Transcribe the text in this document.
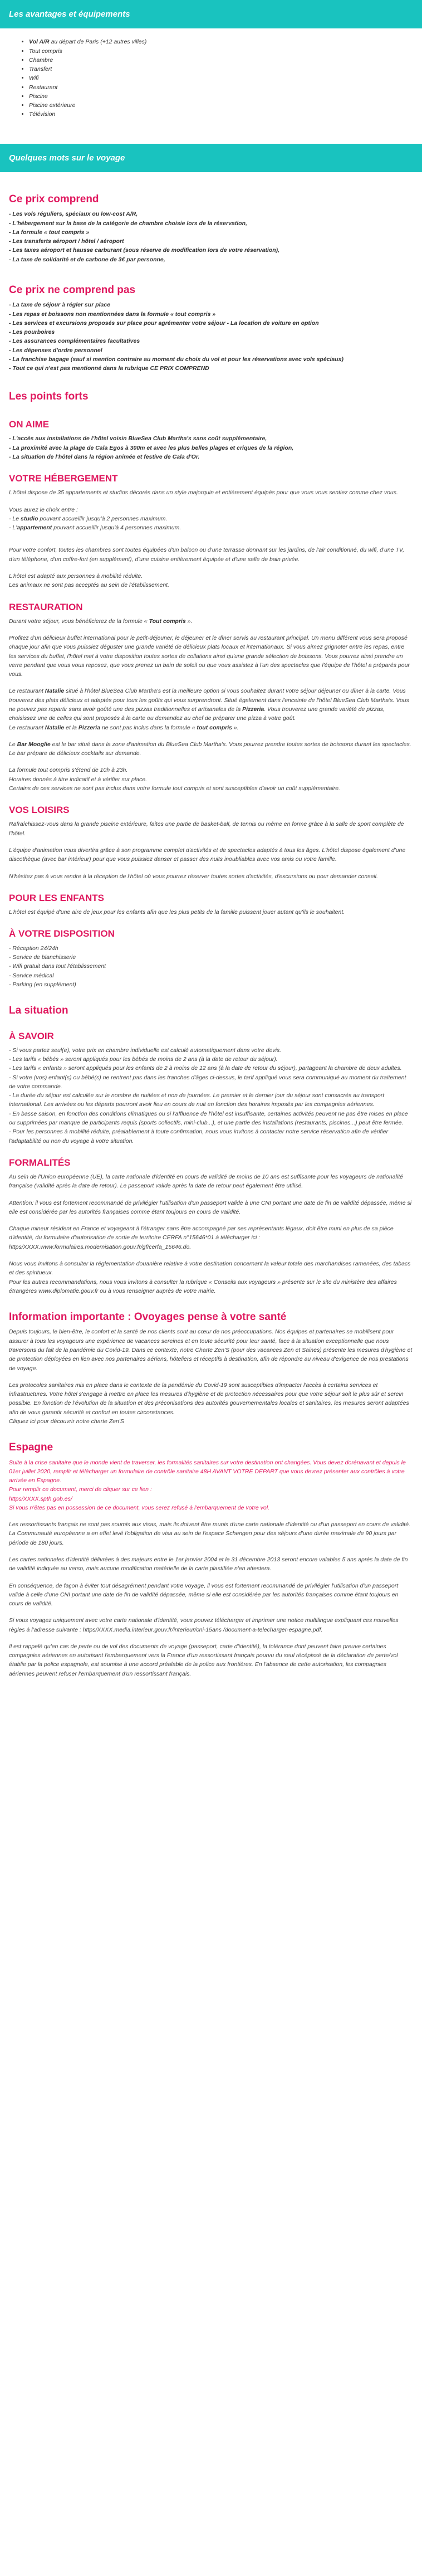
Les avantages et équipements
• Vol A/R au départ de Paris (+12 autres villes)
• Tout compris
• Chambre
• Transfert
• Wifi
• Restaurant
• Piscine
• Piscine extérieure
• Télévision
Quelques mots sur le voyage
Ce prix comprend
- Les vols réguliers, spéciaux ou low-cost A/R,
- L'hébergement sur la base de la catégorie de chambre choisie lors de la réservation,
- La formule « tout compris »
- Les transferts aéroport / hôtel / aéroport
- Les taxes aéroport et hausse carburant (sous réserve de modification lors de votre réservation),
- La taxe de solidarité et de carbone de 3€ par personne,
Ce prix ne comprend pas
- La taxe de séjour à régler sur place
- Les repas et boissons non mentionnées dans la formule « tout compris »
- Les services et excursions proposés sur place pour agrémenter votre séjour - La location de voiture en option
- Les pourboires
- Les assurances complémentaires facultatives
- Les dépenses d'ordre personnel
- La franchise bagage (sauf si mention contraire au moment du choix du vol et pour les réservations avec vols spéciaux)
- Tout ce qui n'est pas mentionné dans la rubrique CE PRIX COMPREND
Les points forts
ON AIME
- L'accès aux installations de l'hôtel voisin BlueSea Club Martha's sans coût supplémentaire,
- La proximité avec la plage de Cala Egos à 300m et avec les plus belles plages et criques de la région,
- La situation de l'hôtel dans la région animée et festive de Cala d'Or.
VOTRE HÉBERGEMENT

L'hôtel dispose de 35 appartements et studios décorés dans un style majorquin et entièrement équipés pour que vous vous sentiez comme chez vous.

Vous aurez le choix entre :

- Le studio pouvant accueillir jusqu'à 2 personnes maximum.
- L'appartement pouvant accueillir jusqu'à 4 personnes maximum.

Pour votre confort, toutes les chambres sont toutes équipées d'un balcon ou d'une terrasse donnant sur les jardins, de l'air conditionné, du wifi, d'une TV, d'un téléphone, d'un coffre-fort (en supplément), d'une cuisine entièrement équipée et d'une salle de bain privée.

L'hôtel est adapté aux personnes à mobilité réduite.
Les animaux ne sont pas acceptés au sein de l'établissement.
RESTAURATION

Durant votre séjour, vous bénéficierez de la formule « Tout compris ».

Profitez d'un délicieux buffet international pour le petit-déjeuner, le déjeuner et le dîner servis au restaurant principal. Un menu différent vous sera proposé chaque jour afin que vous puissiez déguster une grande variété de délicieux plats locaux et internationaux. Si vous aimez grignoter entre les repas, entre les services du buffet, l'hôtel met à votre disposition toutes sortes de collations ainsi qu'une grande sélection de boissons. Vous pourrez ainsi prendre un verre pendant que vous vous reposez, que vous prenez un bain de soleil ou que vous assistez à l'un des spectacles que l'équipe de l'hôtel a préparés pour vous.

Le restaurant Natalie situé à l'hôtel BlueSea Club Martha's est la meilleure option si vous souhaitez durant votre séjour déjeuner ou dîner à la carte. Vous trouverez des plats délicieux et adaptés pour tous les goûts qui vous surprendront. Situé également dans l'enceinte de l'hôtel BlueSea Club Martha's. Vous ne pouvez pas repartir sans avoir goûté une des pizzas traditionnelles et artisanales de la Pizzeria. Vous trouverez une grande variété de pizzas, choisissez une de celles qui sont proposés à la carte ou demandez au chef de préparer une pizza à votre goût.

Le restaurant Natalie et la Pizzeria ne sont pas inclus dans la formule « tout compris ».

Le Bar Mooglie est le bar situé dans la zone d'animation du BlueSea Club Martha's. Vous pourrez prendre toutes sortes de boissons durant les spectacles. Le bar prépare de délicieux cocktails sur demande.

La formule tout compris s'étend de 10h à 23h.
Horaires donnés à titre indicatif et à vérifier sur place.
Certains de ces services ne sont pas inclus dans votre formule tout compris et sont susceptibles d'avoir un coût supplémentaire.
VOS LOISIRS

Rafraîchissez-vous dans la grande piscine extérieure, faites une partie de basket-ball, de tennis ou même en forme grâce à la salle de sport complète de l'hôtel.

L'équipe d'animation vous divertira grâce à son programme complet d'activités et de spectacles adaptés à tous les âges. L'hôtel dispose également d'une discothèque (avec bar intérieur) pour que vous puissiez danser et passer des nuits inoubliables avec vos amis ou votre famille.

N'hésitez pas à vous rendre à la réception de l'hôtel où vous pourrez réserver toutes sortes d'activités, d'excursions ou pour demander conseil.

POUR LES ENFANTS

L'hôtel est équipé d'une aire de jeux pour les enfants afin que les plus petits de la famille puissent jouer autant qu'ils le souhaitent.

À VOTRE DISPOSITION
- Réception 24/24h
- Service de blanchisserie
- Wifi gratuit dans tout l'établissement
- Service médical
- Parking (en supplément)
La situation
À SAVOIR
- Si vous partez seul(e), votre prix en chambre individuelle est calculé automatiquement dans votre devis.
- Les tarifs « bébés » seront appliqués pour les bébés de moins de 2 ans (à la date de retour du séjour).
- Les tarifs « enfants » seront appliqués pour les enfants de 2 à moins de 12 ans (à la date de retour du séjour), partageant la chambre de deux adultes.
- Si votre (vos) enfant(s) ou bébé(s) ne rentrent pas dans les tranches d'âges ci-dessus, le tarif appliqué vous sera communiqué au moment du traitement de votre commande.
- La durée du séjour est calculée sur le nombre de nuitées et non de journées. Le premier et le dernier jour du séjour sont consacrés au transport international. Les arrivées ou les départs pourront avoir lieu en cours de nuit en fonction des horaires imposés par les compagnies aériennes.
- En basse saison, en fonction des conditions climatiques ou si l'affluence de l'hôtel est insuffisante, certaines activités peuvent ne pas être mises en place ou supprimées par manque de participants requis (sports collectifs, mini-club...), et une partie des installations (restaurants, piscines...) peut être fermée.
- Pour les personnes à mobilité réduite, préalablement à toute confirmation, nous vous invitons à contacter notre service réservation afin de vérifier l'adaptabilité ou non du voyage à votre situation.
FORMALITÉS

Au sein de l'Union européenne (UE), la carte nationale d'identité en cours de validité de moins de 10 ans est suffisante pour les voyageurs de nationalité française (validité après la date de retour). Le passeport valide après la date de retour peut également être utilisé.

Attention: il vous est fortement recommandé de privilégier l'utilisation d'un passeport valide à une CNI portant une date de fin de validité dépassée, même si elle est considérée par les autorités françaises comme étant toujours en cours de validité.

Chaque mineur résident en France et voyageant à l'étranger sans être accompagné par ses représentants légaux, doit être muni en plus de sa pièce d'identité, du formulaire d'autorisation de sortie de territoire CERFA n°15646*01 à télécharger ici : https/XXXX.www.formulaires.modernisation.gouv.fr/gf/cerfa_15646.do.

Nous vous invitons à consulter la réglementation douanière relative à votre destination concernant la valeur totale des marchandises ramenées, des tabacs et des spiritueux.

Pour les autres recommandations, nous vous invitons à consulter la rubrique « Conseils aux voyageurs » présente sur le site du ministère des affaires étrangères www.diplomatie.gouv.fr ou à vous renseigner auprès de votre mairie.

Information importante : Ovoyages pense à votre santé

Depuis toujours, le bien-être, le confort et la santé de nos clients sont au cœur de nos préoccupations. Nos équipes et partenaires se mobilisent pour assurer à tous les voyageurs une expérience de vacances sereines et en toute sécurité pour leur santé, face à la situation exceptionnelle que nous traversons du fait de la pandémie du Covid-19. Dans ce contexte, notre Charte Zen'S (pour des vacances Zen et Saines) présente les mesures d'hygiène et de protection déployées en lien avec nos partenaires aériens, hôteliers et réceptifs à destination, afin de répondre au niveau d'exigence de nos prestations de voyage.

Les protocoles sanitaires mis en place dans le contexte de la pandémie du Covid-19 sont susceptibles d'impacter l'accès à certains services et infrastructures. Votre hôtel s'engage à mettre en place les mesures d'hygiène et de protection nécessaires pour que votre séjour soit le plus sûr et serein possible. En fonction de l'évolution de la situation et des préconisations des autorités gouvernementales locales et sanitaires, les mesures seront adaptées afin de vous garantir sécurité et confort en toutes circonstances.

Cliquez ici pour découvrir notre charte Zen'S

Espagne

Suite à la crise sanitaire que le monde vient de traverser, les formalités sanitaires sur votre destination ont changées. Vous devez dorénavant et depuis le 01er juillet 2020, remplir et télécharger un formulaire de contrôle sanitaire 48H AVANT VOTRE DEPART que vous devrez présenter aux contrôles à votre arrivée en Espagne.

Pour remplir ce document, merci de cliquer sur ce lien :
https/XXXX.spth.gob.es/
Si vous n'êtes pas en possession de ce document, vous serez refusé à l'embarquement de votre vol.

Les ressortissants français ne sont pas soumis aux visas, mais ils doivent être munis d'une carte nationale d'identité ou d'un passeport en cours de validité. La Communauté européenne a en effet levé l'obligation de visa au sein de l'espace Schengen pour des séjours d'une durée maximale de 90 jours par période de 180 jours.

Les cartes nationales d'identité délivrées à des majeurs entre le 1er janvier 2004 et le 31 décembre 2013 seront encore valables 5 ans après la date de fin de validité indiquée au verso, mais aucune modification matérielle de la carte plastifiée n'en attestera.

En conséquence, de façon à éviter tout désagrément pendant votre voyage, il vous est fortement recommandé de privilégier l'utilisation d'un passeport valide à celle d'une CNI portant une date de fin de validité dépassée, même si elle est considérée par les autorités françaises comme étant toujours en cours de validité.

Si vous voyagez uniquement avec votre carte nationale d'identité, vous pouvez télécharger et imprimer une notice multilingue expliquant ces nouvelles règles à l'adresse suivante : https/XXXX.media.interieur.gouv.fr/interieur/cni-15ans /document-a-telecharger-espagne.pdf.

Il est rappelé qu'en cas de perte ou de vol des documents de voyage (passeport, carte d'identité), la tolérance dont peuvent faire preuve certaines compagnies aériennes en autorisant l'embarquement vers la France d'un ressortissant français pourvu du seul récépissé de la déclaration de perte/vol établie par la police espagnole, est soumise à une accord préalable de la police aux frontières. En l'absence de cette autorisation, les compagnies aériennes peuvent refuser l'embarquement d'un ressortissant français.
